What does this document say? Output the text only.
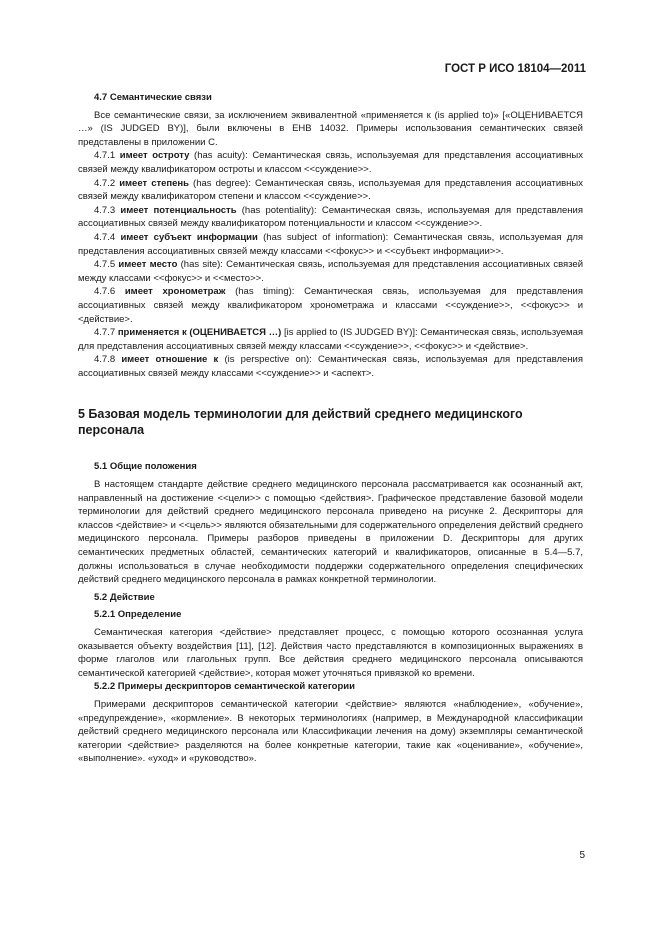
ГОСТ Р ИСО 18104—2011
4.7 Семантические связи

Все семантические связи, за исключением эквивалентной «применяется к (is applied to)» [«ОЦЕНИВАЕТСЯ …» (IS JUDGED BY)], были включены в ЕНВ 14032. Примеры использования семантических связей представлены в приложении С.

4.7.1 имеет остроту (has acuity): Семантическая связь, используемая для представления ассоциативных связей между квалификатором остроты и классом <<суждение>>.

4.7.2 имеет степень (has degree): Семантическая связь, используемая для представления ассоциативных связей между квалификатором степени и классом <<суждение>>.

4.7.3 имеет потенциальность (has potentiality): Семантическая связь, используемая для представления ассоциативных связей между квалификатором потенциальности и классом <<суждение>>.

4.7.4 имеет субъект информации (has subject of information): Семантическая связь, используемая для представления ассоциативных связей между классами <<фокус>> и <<субъект информации>>.

4.7.5 имеет место (has site): Семантическая связь, используемая для представления ассоциативных связей между классами <<фокус>> и <<место>>.

4.7.6 имеет хронометраж (has timing): Семантическая связь, используемая для представления ассоциативных связей между квалификатором хронометража и классами <<суждение>>, <<фокус>> и <действие>.

4.7.7 применяется к (ОЦЕНИВАЕТСЯ …) [is applied to (IS JUDGED BY)]: Семантическая связь, используемая для представления ассоциативных связей между классами <<суждение>>, <<фокус>> и <действие>.

4.7.8 имеет отношение к (is perspective on): Семантическая связь, используемая для представления ассоциативных связей между классами <<суждение>> и <аспект>.

5 Базовая модель терминологии для действий среднего медицинского персонала
5.1 Общие положения

В настоящем стандарте действие среднего медицинского персонала рассматривается как осознанный акт, направленный на достижение <<цели>> с помощью <действия>. Графическое представление базовой модели терминологии для действий среднего медицинского персонала приведено на рисунке 2. Дескрипторы для классов <действие> и <<цель>> являются обязательными для содержательного определения действий среднего медицинского персонала. Примеры разборов приведены в приложении D. Дескрипторы для других семантических предметных областей, семантических категорий и квалификаторов, описанные в 5.4—5.7, должны использоваться в случае необходимости поддержки содержательного определения специфических действий среднего медицинского персонала в рамках конкретной терминологии.

5.2 Действие
5.2.1 Определение

Семантическая категория <действие> представляет процесс, с помощью которого осознанная услуга оказывается объекту воздействия [11], [12]. Действия часто представляются в композиционных выражениях в форме глаголов или глагольных групп. Все действия среднего медицинского персонала описываются семантической категорией <действие>, которая может уточняться привязкой ко времени.

5.2.2 Примеры дескрипторов семантической категории

Примерами дескрипторов семантической категории <действие> являются «наблюдение», «обучение», «предупреждение», «кормление». В некоторых терминологиях (например, в Международной классификации действий среднего медицинского персонала или Классификации лечения на дому) экземпляры семантической категории <действие> разделяются на более конкретные категории, такие как «оценивание», «обучение», «выполнение». «уход» и «руководство».

5
